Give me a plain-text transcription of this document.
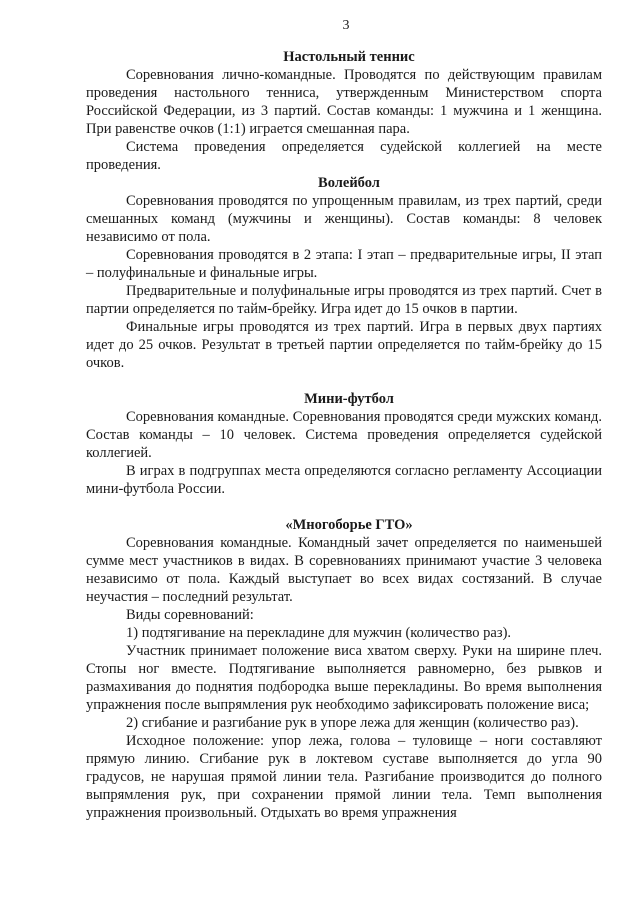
3
Настольный теннис

Соревнования лично-командные. Проводятся по действующим правилам проведения настольного тенниса, утвержденным Министерством спорта Российской Федерации, из 3 партий. Состав команды: 1 мужчина и 1 женщина. При равенстве очков (1:1) играется смешанная пара.

Система проведения определяется судейской коллегией на месте проведения.

Волейбол

Соревнования проводятся по упрощенным правилам, из трех партий, среди смешанных команд (мужчины и женщины). Состав команды: 8 человек независимо от пола.

Соревнования проводятся в 2 этапа: I этап – предварительные игры, II этап – полуфинальные и финальные игры.

Предварительные и полуфинальные игры проводятся из трех партий. Счет в партии определяется по тайм-брейку. Игра идет до 15 очков в партии.

Финальные игры проводятся из трех партий. Игра в первых двух партиях идет до 25 очков. Результат в третьей партии определяется по тайм-брейку до 15 очков.

Мини-футбол

Соревнования командные. Соревнования проводятся среди мужских команд. Состав команды – 10 человек. Система проведения определяется судейской коллегией.

В играх в подгруппах места определяются согласно регламенту Ассоциации мини-футбола России.

«Многоборье ГТО»

Соревнования командные. Командный зачет определяется по наименьшей сумме мест участников в видах. В соревнованиях принимают участие 3 человека независимо от пола. Каждый выступает во всех видах состязаний. В случае неучастия – последний результат.

Виды соревнований:

1) подтягивание на перекладине для мужчин (количество раз).

Участник принимает положение виса хватом сверху. Руки на ширине плеч. Стопы ног вместе. Подтягивание выполняется равномерно, без рывков и размахивания до поднятия подбородка выше перекладины. Во время выполнения упражнения после выпрямления рук необходимо зафиксировать положение виса;

2) сгибание и разгибание рук в упоре лежа для женщин (количество раз).

Исходное положение: упор лежа, голова – туловище – ноги составляют прямую линию. Сгибание рук в локтевом суставе выполняется до угла 90 градусов, не нарушая прямой линии тела. Разгибание производится до полного выпрямления рук, при сохранении прямой линии тела. Темп выполнения упражнения произвольный. Отдыхать во время упражнения
